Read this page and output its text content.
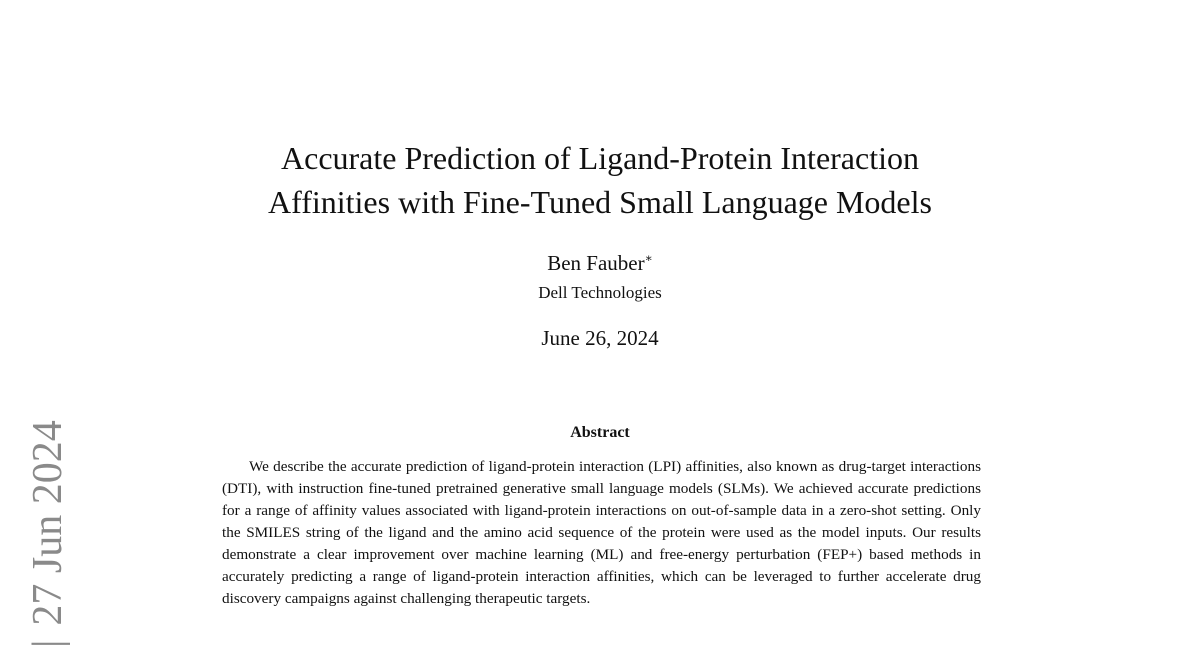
Accurate Prediction of Ligand-Protein Interaction
Affinities with Fine-Tuned Small Language Models
Ben Fauber∗
Dell Technologies
June 26, 2024
Abstract

We describe the accurate prediction of ligand-protein interaction (LPI) affinities, also known as drug-target interactions (DTI), with instruction fine-tuned pretrained generative small language models (SLMs). We achieved accurate predictions for a range of affinity values associated with ligand-protein interactions on out-of-sample data in a zero-shot setting. Only the SMILES string of the ligand and the amino acid sequence of the protein were used as the model inputs. Our results demonstrate a clear improvement over machine learning (ML) and free-energy perturbation (FEP+) based methods in accurately predicting a range of ligand-protein interaction affinities, which can be leveraged to further accelerate drug discovery campaigns against challenging therapeutic targets.

|27 Jun 2024
